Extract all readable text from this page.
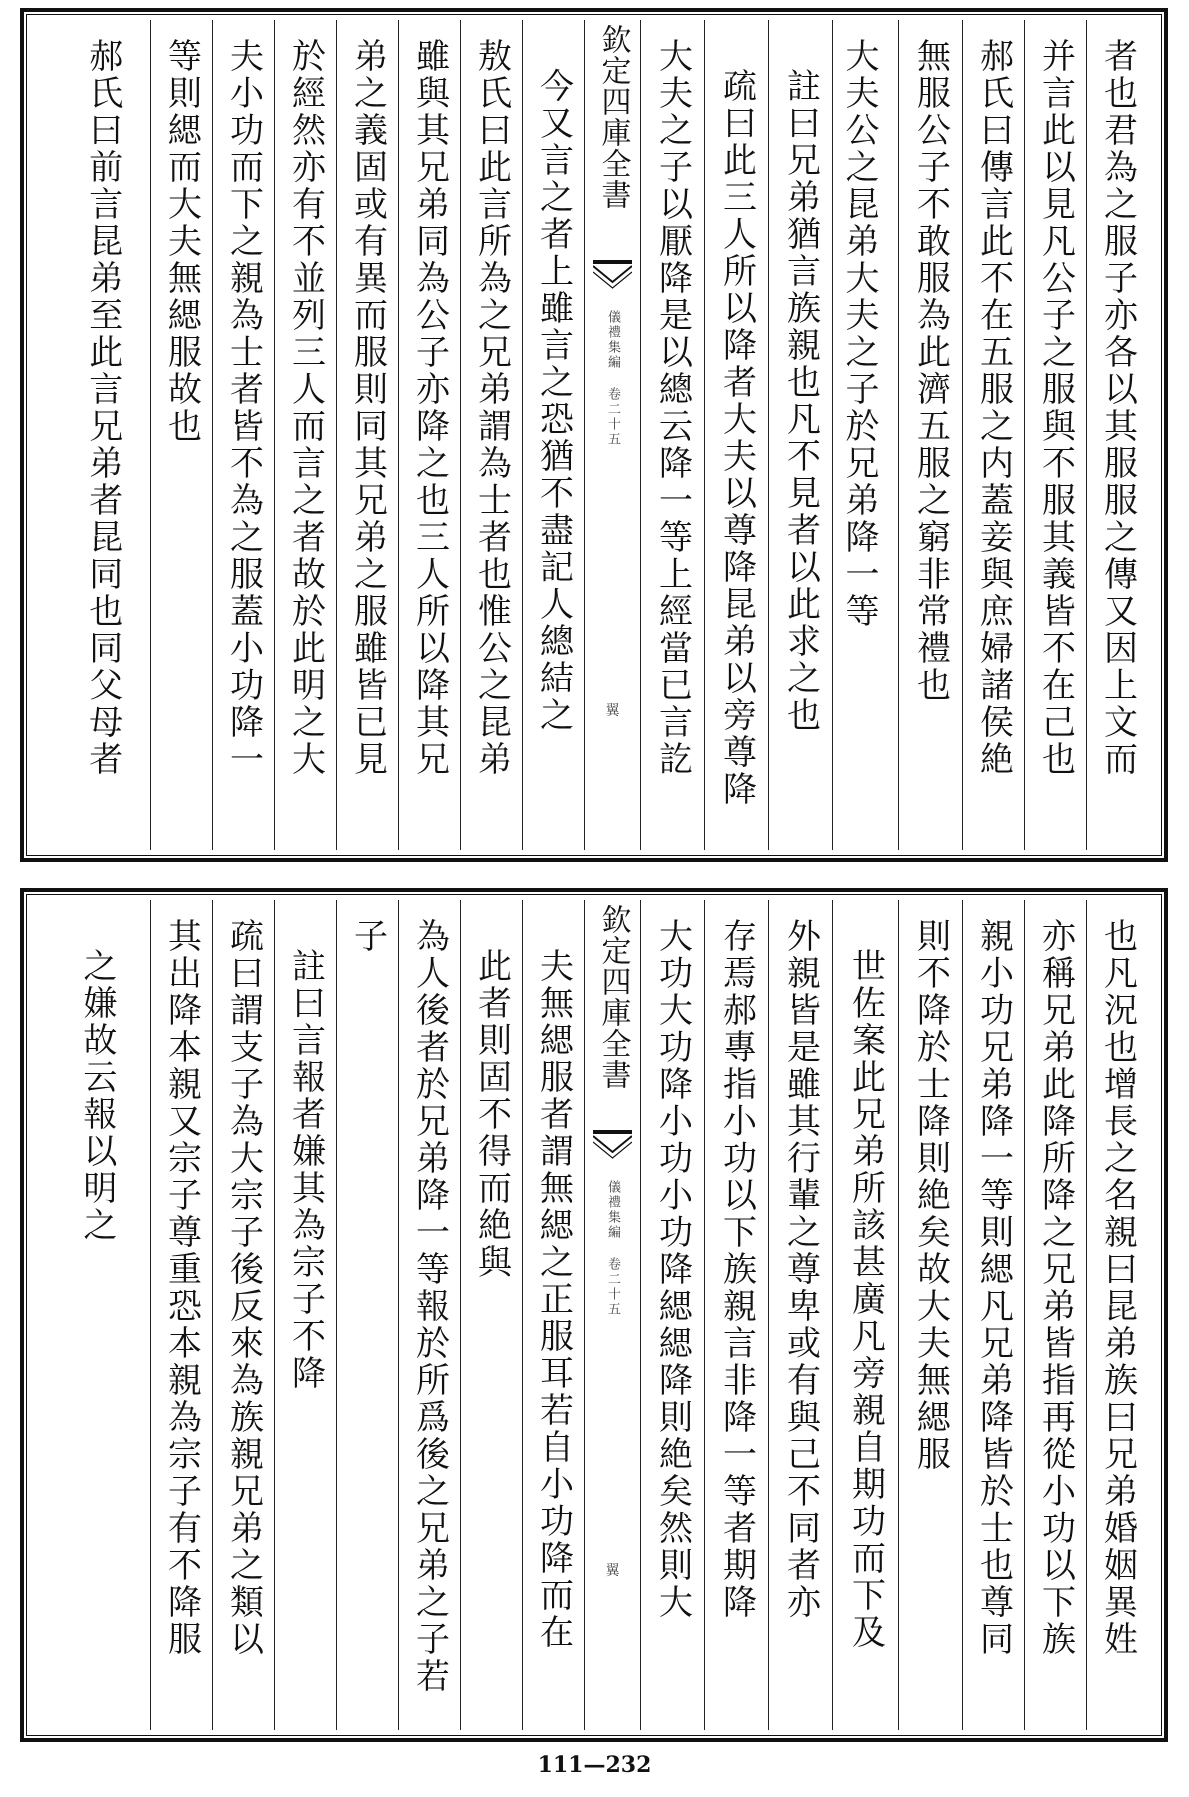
者也君為之服子亦各以其服服之傳又因上文而
并言此以見凡公子之服與不服其義皆不在己也
郝氏曰傳言此不在五服之内蓋妾與庶婦諸侯絶
無服公子不敢服為此濟五服之窮非常禮也
大夫公之昆弟大夫之子於兄弟降一等
註曰兄弟猶言族親也凡不見者以此求之也
疏曰此三人所以降者大夫以尊降昆弟以旁尊降
大夫之子以厭降是以總云降一等上經當已言訖
欽定四庫全書
儀禮集編 卷二十五
翼
今又言之者上雖言之恐猶不盡記人總結之
敖氏曰此言所為之兄弟謂為士者也惟公之昆弟
雖與其兄弟同為公子亦降之也三人所以降其兄
弟之義固或有異而服則同其兄弟之服雖皆已見
於經然亦有不並列三人而言之者故於此明之大
夫小功而下之親為士者皆不為之服蓋小功降一
等則緦而大夫無緦服故也
郝氏曰前言昆弟至此言兄弟者昆同也同父母者
也凡況也增長之名親曰昆弟族曰兄弟婚姻異姓
亦稱兄弟此降所降之兄弟皆指再從小功以下族
親小功兄弟降一等則緦凡兄弟降皆於士也尊同
則不降於士降則絶矣故大夫無緦服
世佐案此兄弟所該甚廣凡旁親自期功而下及
外親皆是雖其行輩之尊卑或有與己不同者亦
存焉郝專指小功以下族親言非降一等者期降
大功大功降小功小功降緦緦降則絶矣然則大
欽定四庫全書
儀禮集編 卷二十五
翼
夫無緦服者謂無緦之正服耳若自小功降而在
此者則固不得而絶與
為人後者於兄弟降一等報於所爲後之兄弟之子若
子
註曰言報者嫌其為宗子不降
疏曰謂支子為大宗子後反來為族親兄弟之類以
其出降本親又宗子尊重恐本親為宗子有不降服
之嫌故云報以明之
111—232
